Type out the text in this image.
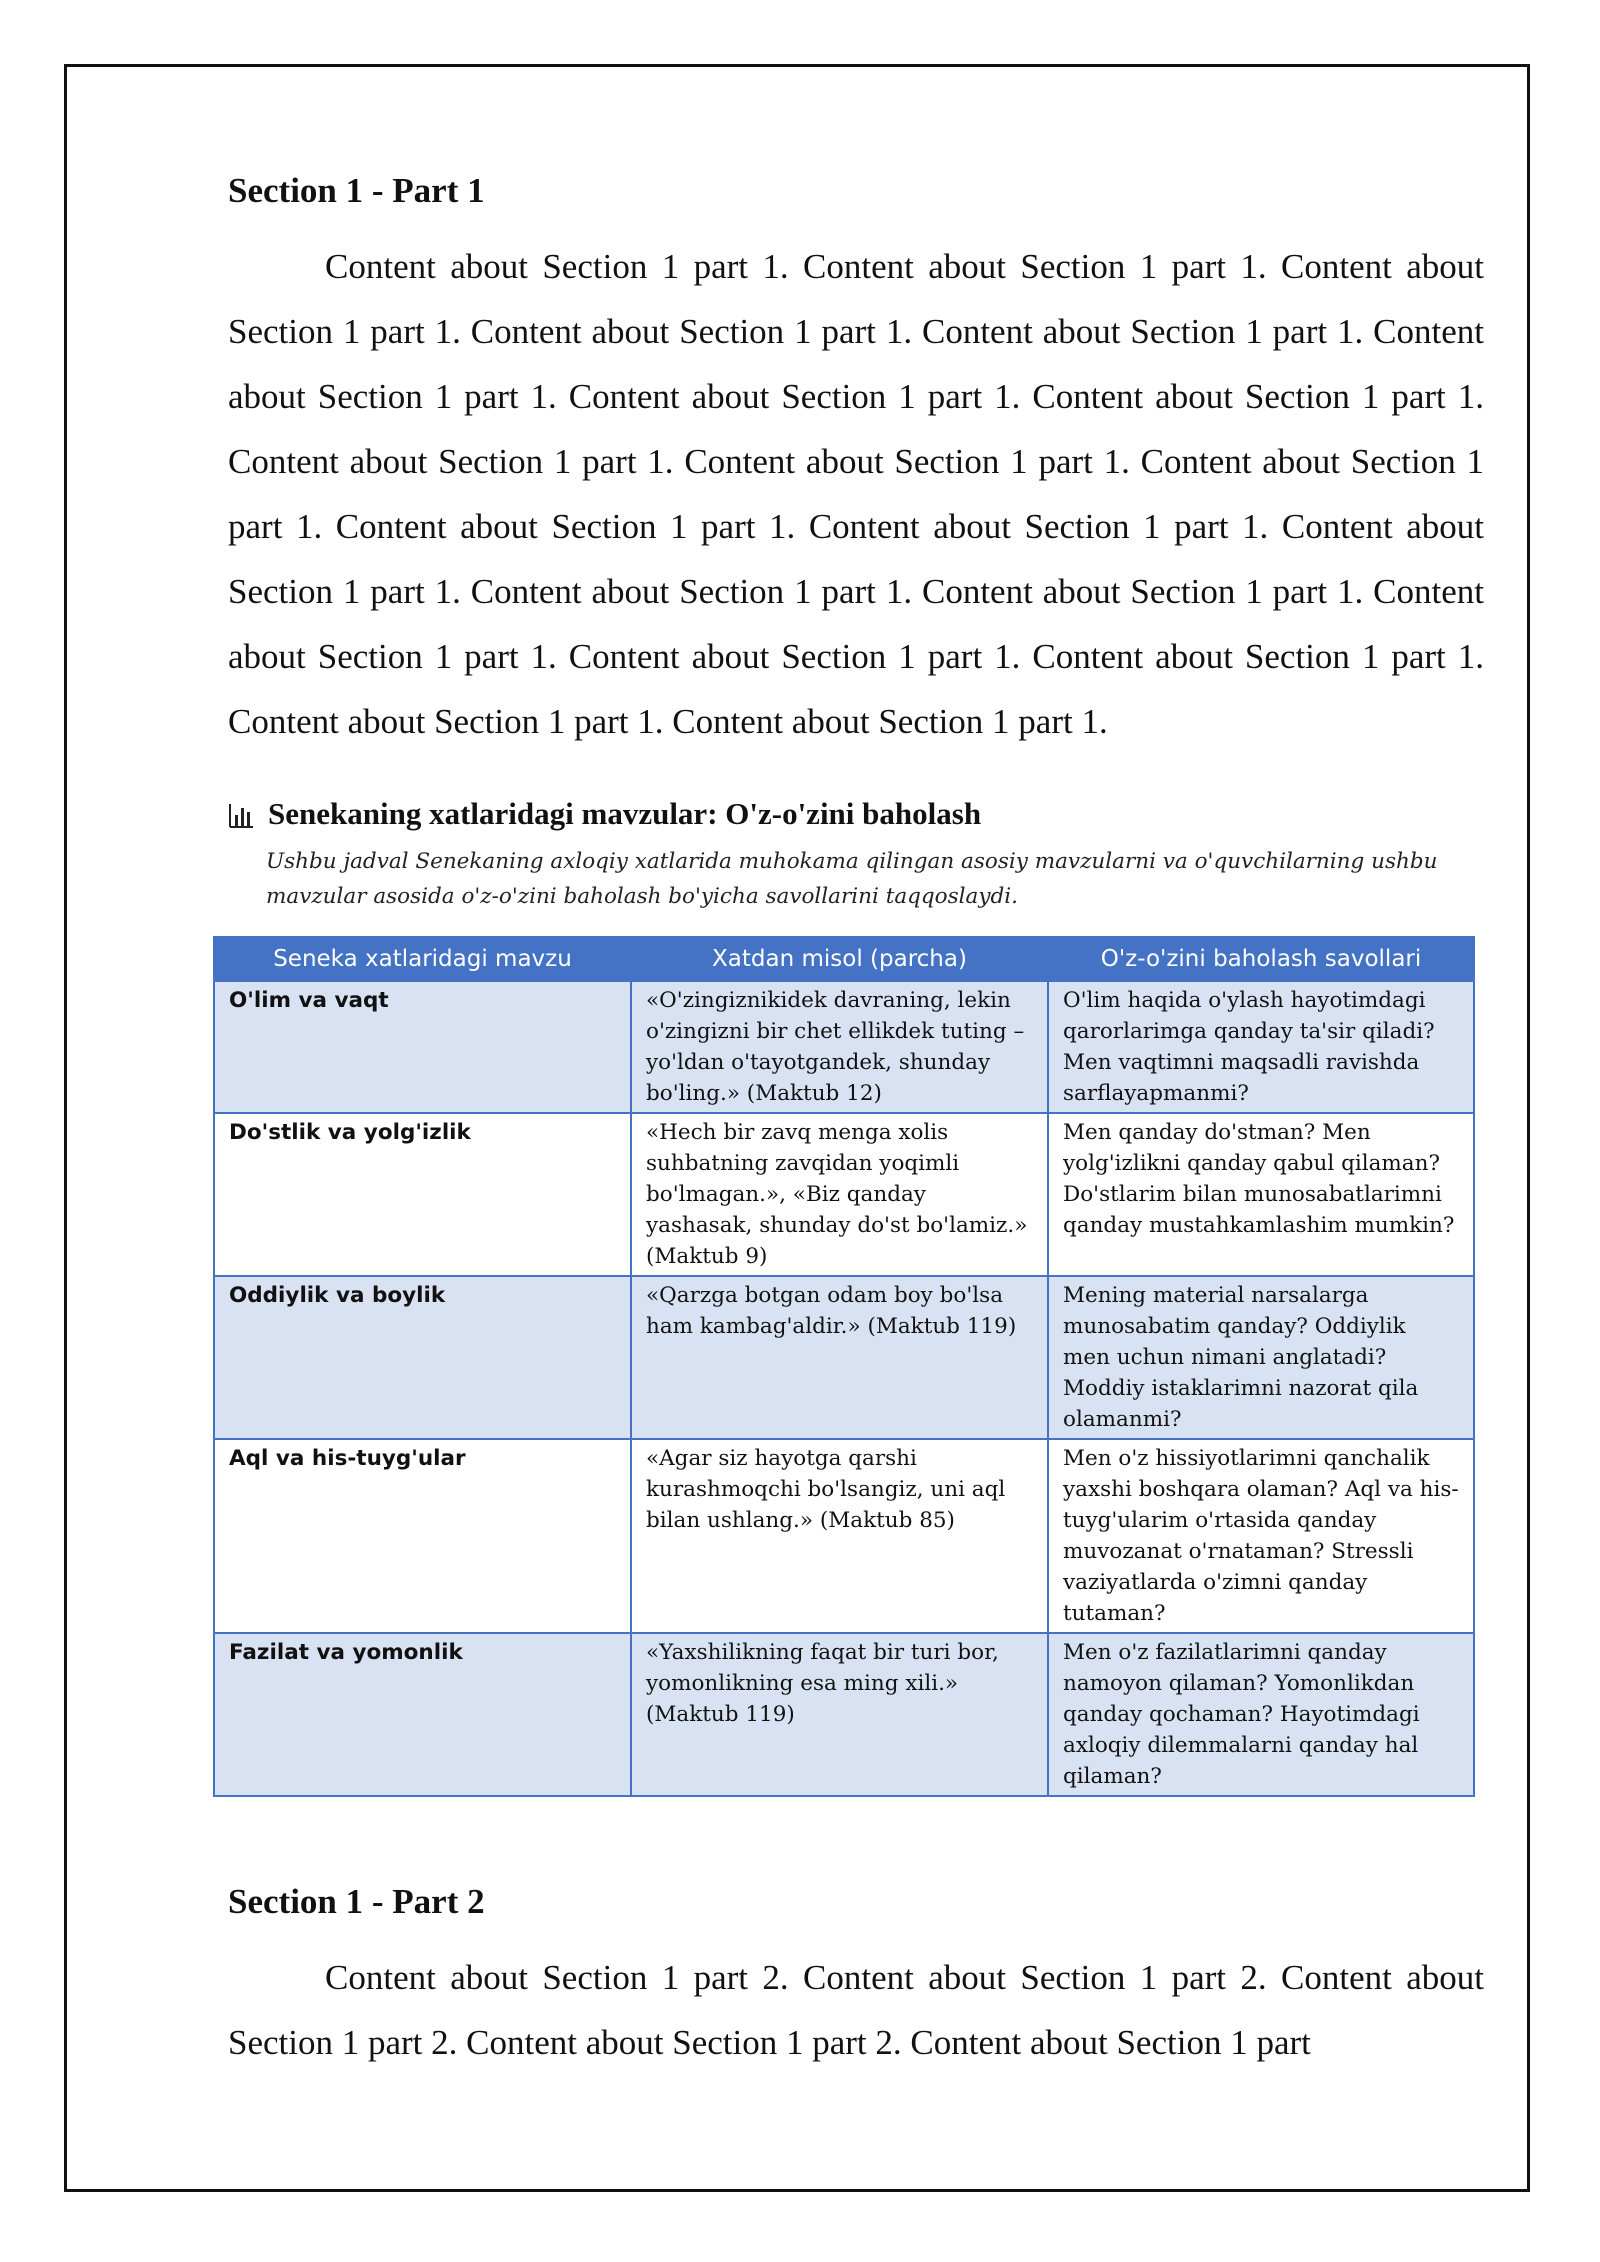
Section 1 - Part 1

Content about Section 1 part 1. Content about Section 1 part 1. Content about Section 1 part 1. Content about Section 1 part 1. Content about Section 1 part 1. Content about Section 1 part 1. Content about Section 1 part 1. Content about Section 1 part 1. Content about Section 1 part 1. Content about Section 1 part 1. Content about Section 1 part 1. Content about Section 1 part 1. Content about Section 1 part 1. Content about Section 1 part 1. Content about Section 1 part 1. Content about Section 1 part 1. Content about Section 1 part 1. Content about Section 1 part 1. Content about Section 1 part 1. Content about Section 1 part 1. Content about Section 1 part 1.

Senekaning xatlaridagi mavzular: O'z-o'zini baholash
Ushbu jadval Senekaning axloqiy xatlarida muhokama qilingan asosiy mavzularni va o'quvchilarning ushbu mavzular asosida o'z-o'zini baholash bo'yicha savollarini taqqoslaydi.
Seneka xatlaridagi mavzu	Xatdan misol (parcha)	O'z-o'zini baholash savollari
O'lim va vaqt	«O'zingiznikidek davraning, lekin o'zingizni bir chet ellikdek tuting – yo'ldan o'tayotgandek, shunday bo'ling.» (Maktub 12)	O'lim haqida o'ylash hayotimdagi qarorlarimga qanday ta'sir qiladi? Men vaqtimni maqsadli ravishda sarflayapmanmi?
Do'stlik va yolg'izlik	«Hech bir zavq menga xolis suhbatning zavqidan yoqimli bo'lmagan.», «Biz qanday yashasak, shunday do'st bo'lamiz.» (Maktub 9)	Men qanday do'stman? Men yolg'izlikni qanday qabul qilaman? Do'stlarim bilan munosabatlarimni qanday mustahkamlashim mumkin?
Oddiylik va boylik	«Qarzga botgan odam boy bo'lsa ham kambag'aldir.» (Maktub 119)	Mening material narsalarga munosabatim qanday? Oddiylik men uchun nimani anglatadi? Moddiy istaklarimni nazorat qila olamanmi?
Aql va his-tuyg'ular	«Agar siz hayotga qarshi kurashmoqchi bo'lsangiz, uni aql bilan ushlang.» (Maktub 85)	Men o'z hissiyotlarimni qanchalik yaxshi boshqara olaman? Aql va his-tuyg'ularim o'rtasida qanday muvozanat o'rnataman? Stressli vaziyatlarda o'zimni qanday tutaman?
Fazilat va yomonlik	«Yaxshilikning faqat bir turi bor, yomonlikning esa ming xili.» (Maktub 119)	Men o'z fazilatlarimni qanday namoyon qilaman? Yomonlikdan qanday qochaman? Hayotimdagi axloqiy dilemmalarni qanday hal qilaman?
Section 1 - Part 2

Content about Section 1 part 2. Content about Section 1 part 2. Content about Section 1 part 2. Content about Section 1 part 2. Content about Section 1 part
